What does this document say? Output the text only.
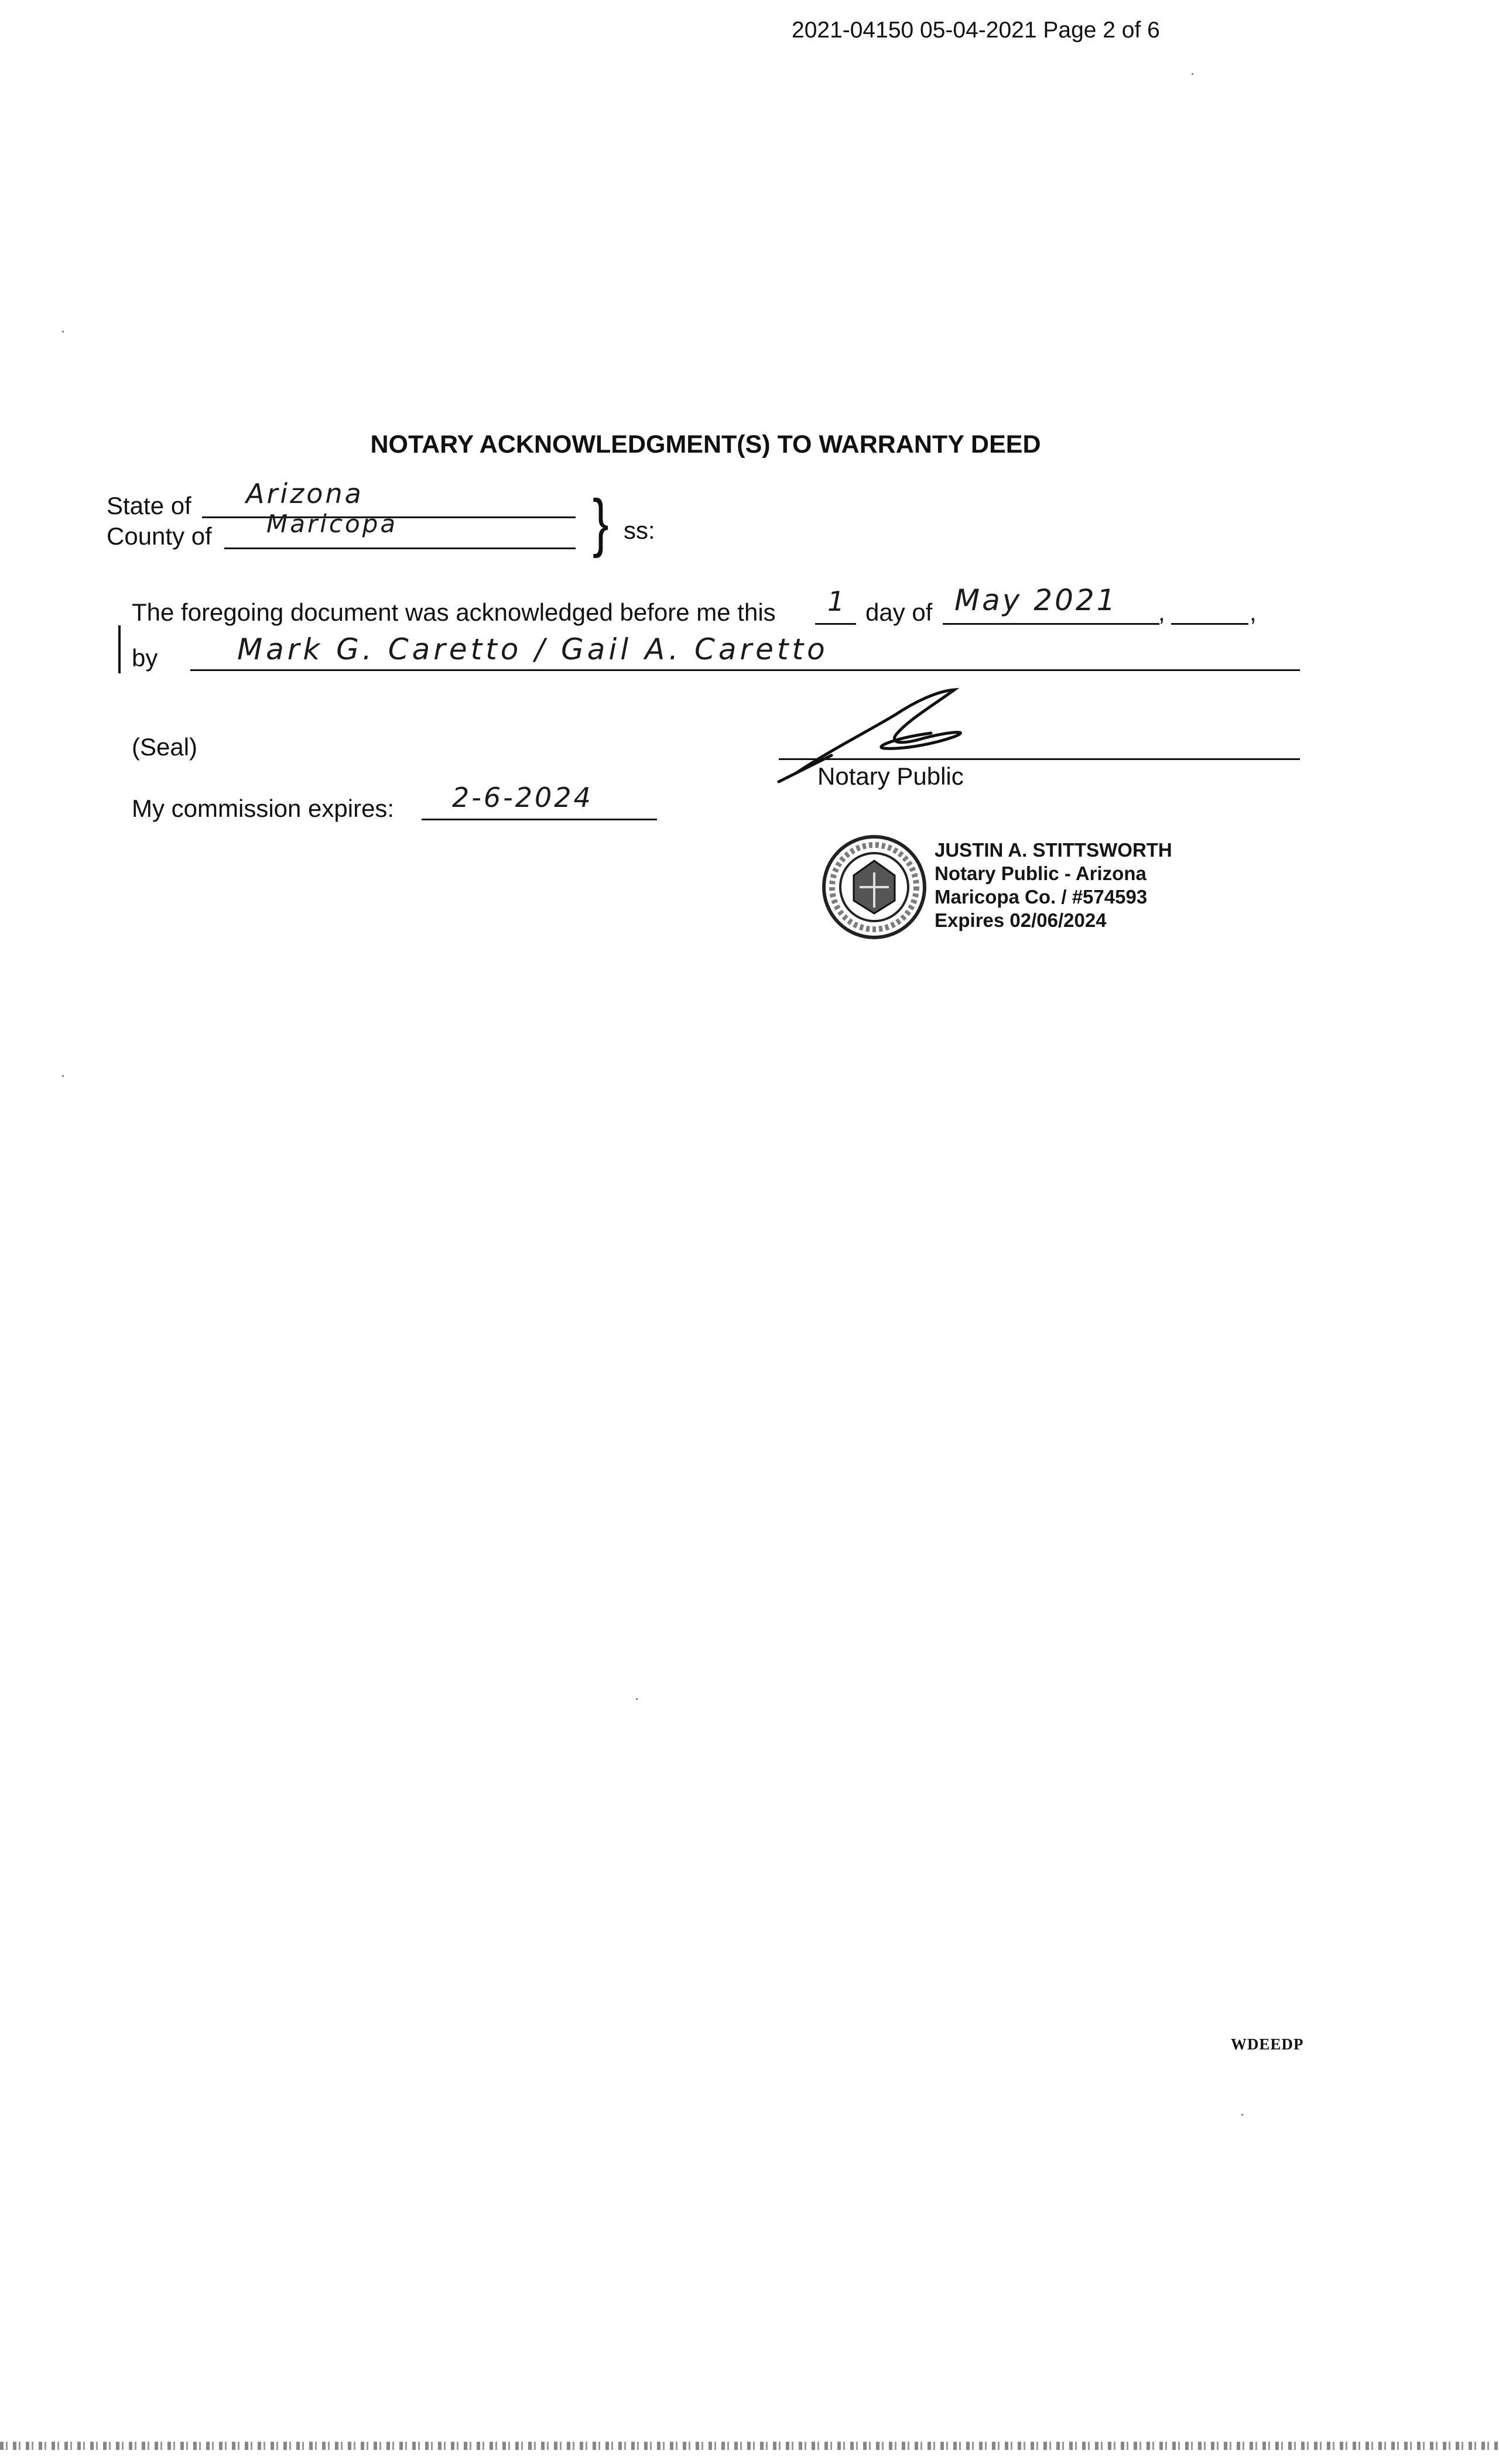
2021-04150 05-04-2021 Page 2 of 6
NOTARY ACKNOWLEDGMENT(S) TO WARRANTY DEED
State of Arizona
County of Maricopa	} ss:
The foregoing document was acknowledged before me this 1 day of May 2021 ,	,
by	Mark G. Caretto / Gail A. Caretto
(Seal)
Notary Public
My commission expires: 2-6-2024
JUSTIN A. STITTSWORTH
Notary Public - Arizona
Maricopa Co. / #574593
Expires 02/06/2024
WDEEDP
